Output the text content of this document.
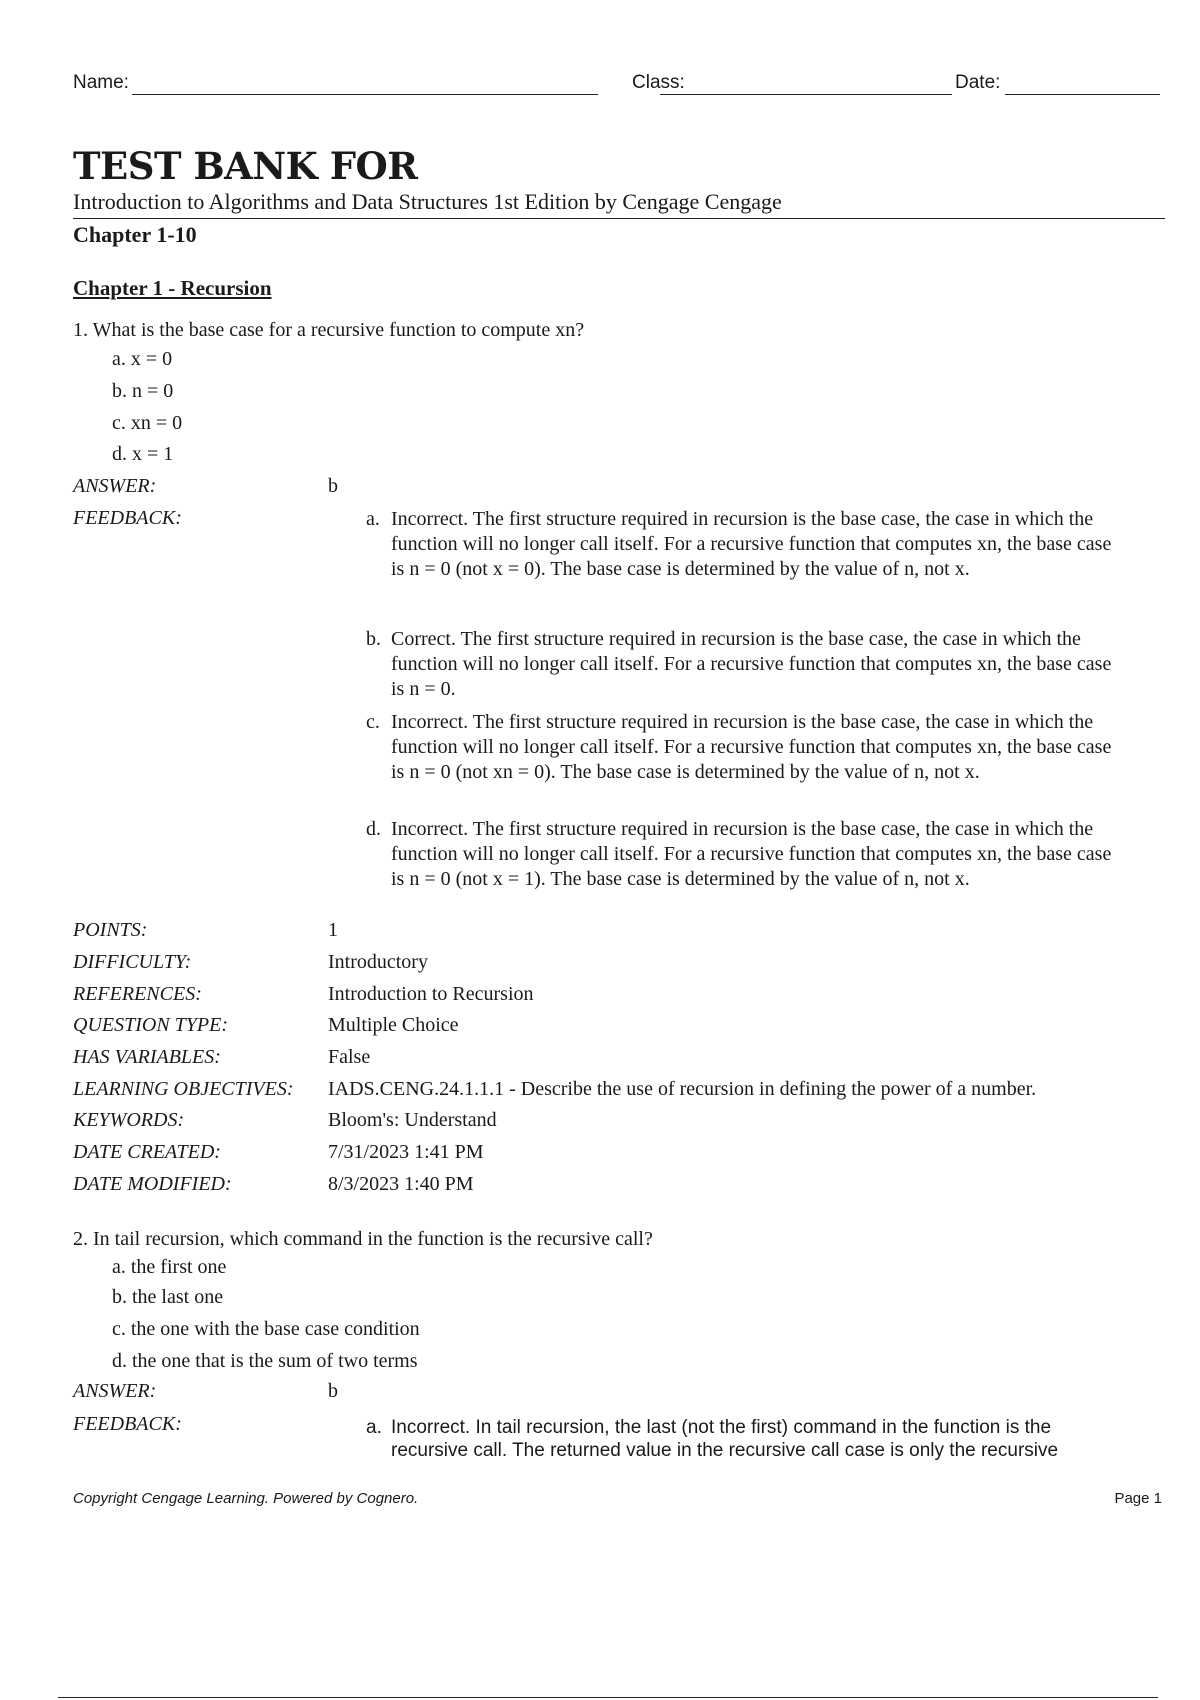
Name:	Class:	Date:
TEST BANK FOR
Introduction to Algorithms and Data Structures 1st Edition by Cengage Cengage
Chapter 1-10
Chapter 1 - Recursion
1. What is the base case for a recursive function to compute xn?
a. x = 0
b. n = 0
c. xn = 0
d. x = 1
ANSWER:	b
FEEDBACK:	a. Incorrect. The first structure required in recursion is the base case, the case in which the function will no longer call itself. For a recursive function that computes xn, the base case is n = 0 (not x = 0). The base case is determined by the value of n, not x.
b. Correct. The first structure required in recursion is the base case, the case in which the function will no longer call itself. For a recursive function that computes xn, the base case is n = 0.
c. Incorrect. The first structure required in recursion is the base case, the case in which the function will no longer call itself. For a recursive function that computes xn, the base case is n = 0 (not xn = 0). The base case is determined by the value of n, not x.
d. Incorrect. The first structure required in recursion is the base case, the case in which the function will no longer call itself. For a recursive function that computes xn, the base case is n = 0 (not x = 1). The base case is determined by the value of n, not x.
POINTS:	1
DIFFICULTY:	Introductory
REFERENCES:	Introduction to Recursion
QUESTION TYPE:	Multiple Choice
HAS VARIABLES:	False
LEARNING OBJECTIVES: IADS.CENG.24.1.1.1 - Describe the use of recursion in defining the power of a number.
KEYWORDS:	Bloom's: Understand
DATE CREATED:	7/31/2023 1:41 PM
DATE MODIFIED:	8/3/2023 1:40 PM
2. In tail recursion, which command in the function is the recursive call?
a. the first one
b. the last one
c. the one with the base case condition
d. the one that is the sum of two terms
ANSWER:	b
FEEDBACK:	a. Incorrect. In tail recursion, the last (not the first) command in the function is the recursive call. The returned value in the recursive call case is only the recursive
Copyright Cengage Learning. Powered by Cognero.	Page 1
